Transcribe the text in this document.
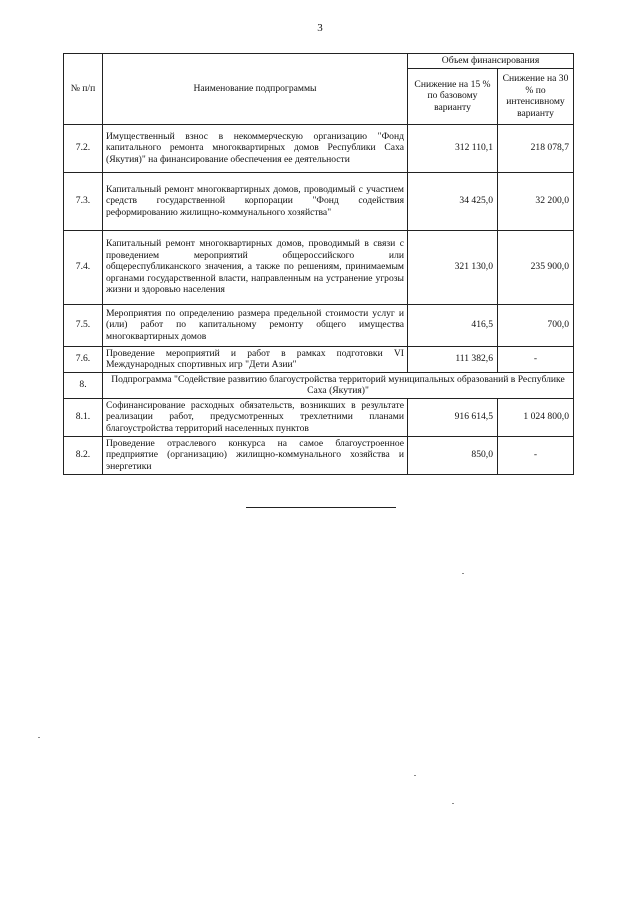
3
№ п/п	Наименование подпрограммы	Объем финансирования	
		Снижение на 15 % по базовому варианту	Снижение на 30 % по интенсивному варианту
7.2.	Имущественный взнос в некоммерческую организацию "Фонд капитального ремонта многоквартирных домов Республики Саха (Якутия)" на финансирование обеспечения ее деятельности	312 110,1	218 078,7
7.3.	Капитальный ремонт многоквартирных домов, проводимый с участием средств государственной корпорации "Фонд содействия реформированию жилищно-коммунального хозяйства"	34 425,0	32 200,0
7.4.	Капитальный ремонт многоквартирных домов, проводимый в связи с проведением мероприятий общероссийского или общереспубликанского значения, а также по решениям, принимаемым органами государственной власти, направленным на устранение угрозы жизни и здоровью населения	321 130,0	235 900,0
7.5.	Мероприятия по определению размера предельной стоимости услуг и (или) работ по капитальному ремонту общего имущества многоквартирных домов	416,5	700,0
7.6.	Проведение мероприятий и работ в рамках подготовки VI Международных спортивных игр "Дети Азии"	111 382,6	-
8.	Подпрограмма "Содействие развитию благоустройства территорий муниципальных образований в Республике Саха (Якутия)"		
8.1.	Софинансирование расходных обязательств, возникших в результате реализации работ, предусмотренных трехлетними планами благоустройства территорий населенных пунктов	916 614,5	1 024 800,0
8.2.	Проведение отраслевого конкурса на самое благоустроенное предприятие (организацию) жилищно-коммунального хозяйства и энергетики	850,0	-
